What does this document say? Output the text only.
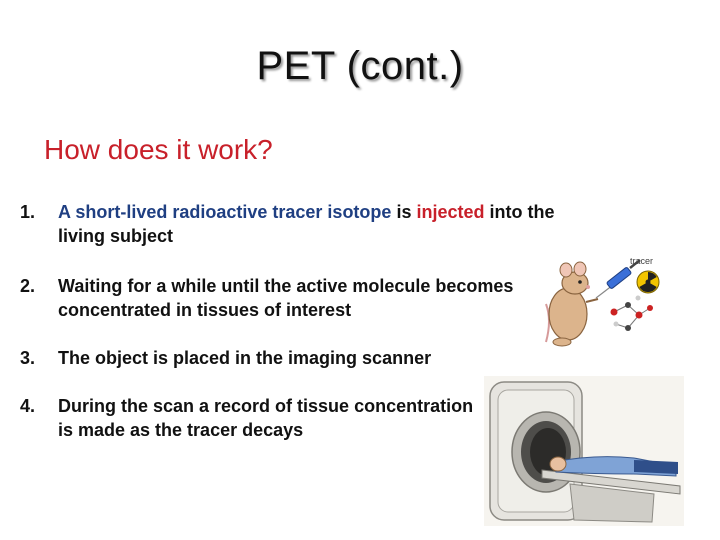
PET (cont.)
How does it work?
1.	A short-lived radioactive tracer isotope is injected into the living subject
2.	Waiting for a while until the active molecule becomes concentrated in tissues of interest
3.	The object is placed in the imaging scanner
4.	During the scan a record of tissue concentration is made as the tracer decays
tracer
